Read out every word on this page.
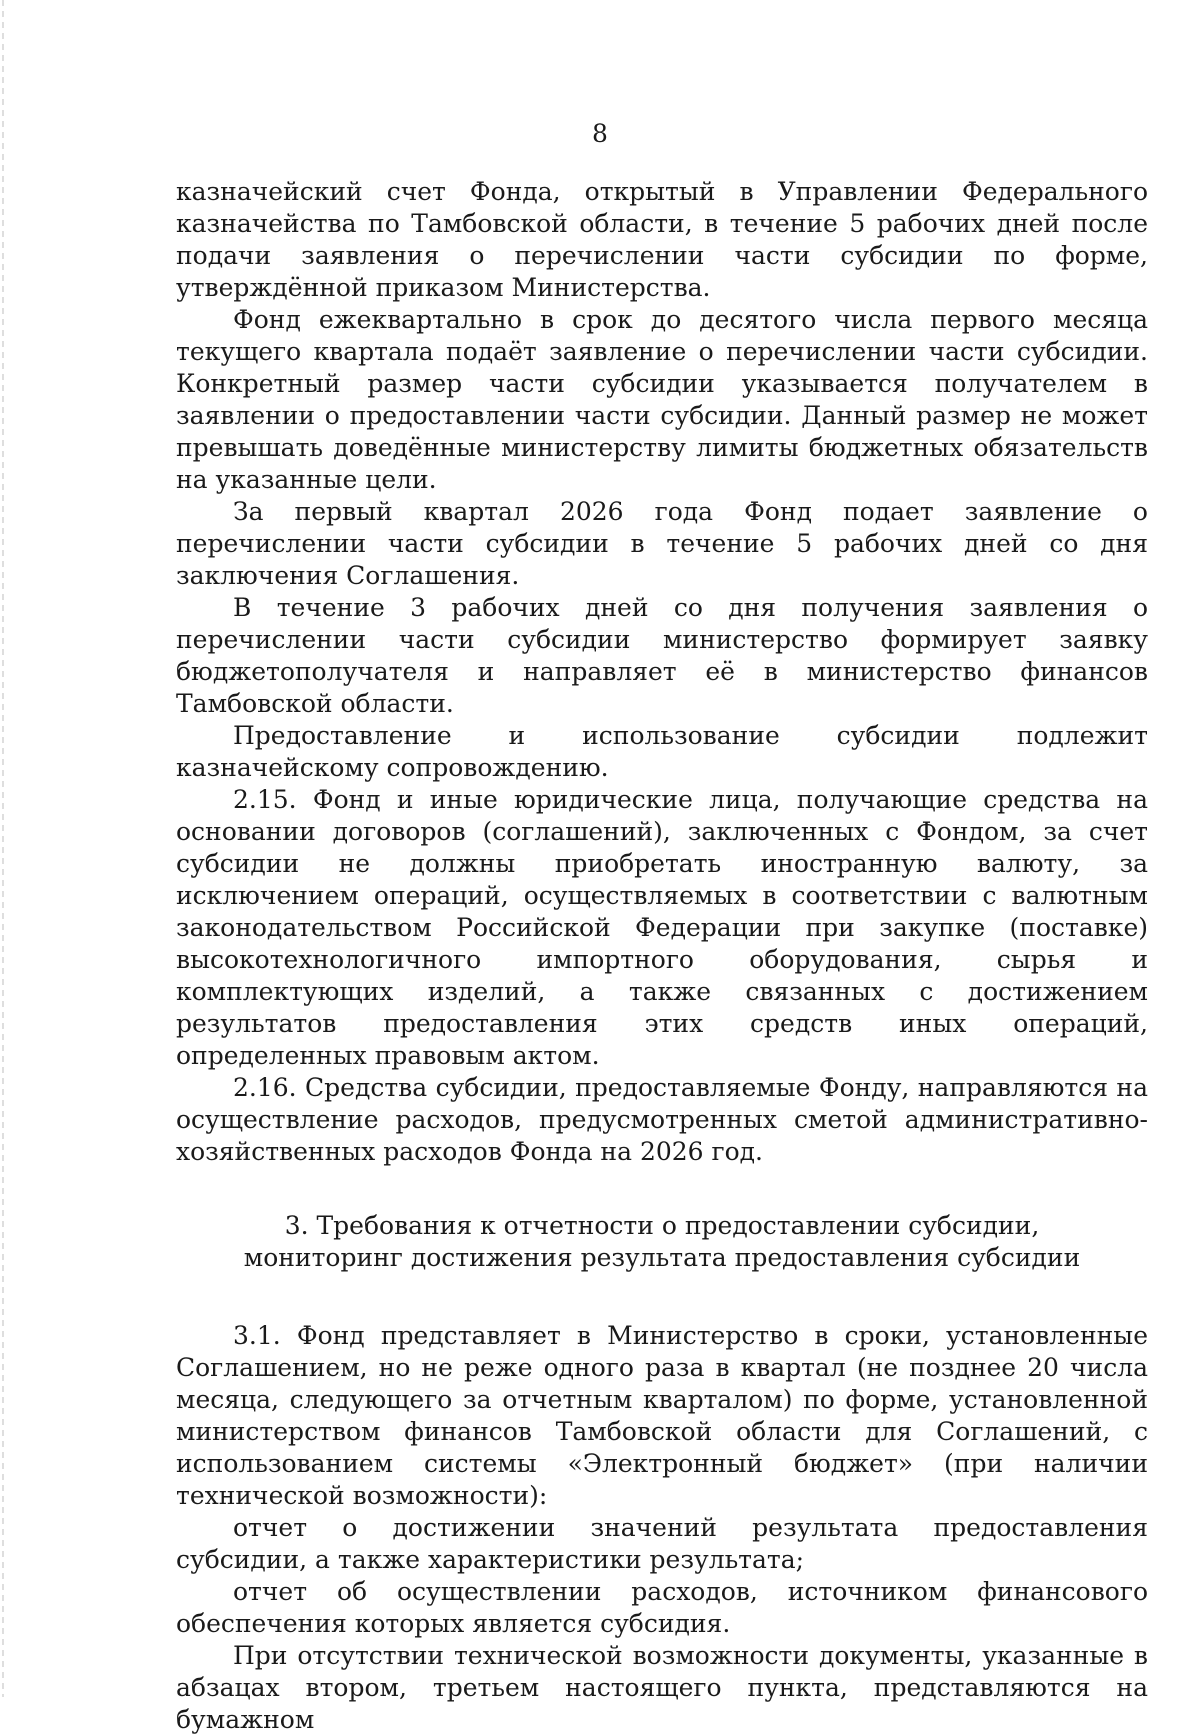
8

казначейский счет Фонда, открытый в Управлении Федерального казначейства по Тамбовской области, в течение 5 рабочих дней после подачи заявления о перечислении части субсидии по форме, утверждённой приказом Министерства.

Фонд ежеквартально в срок до десятого числа первого месяца текущего квартала подаёт заявление о перечислении части субсидии. Конкретный размер части субсидии указывается получателем в заявлении о предоставлении части субсидии. Данный размер не может превышать доведённые министерству лимиты бюджетных обязательств на указанные цели.

За первый квартал 2026 года Фонд подает заявление о перечислении части субсидии в течение 5 рабочих дней со дня заключения Соглашения.

В течение 3 рабочих дней со дня получения заявления о перечислении части субсидии министерство формирует заявку бюджетополучателя и направляет её в министерство финансов Тамбовской области.

Предоставление и использование субсидии подлежит казначейскому сопровождению.

2.15. Фонд и иные юридические лица, получающие средства на основании договоров (соглашений), заключенных с Фондом, за счет субсидии не должны приобретать иностранную валюту, за исключением операций, осуществляемых в соответствии с валютным законодательством Российской Федерации при закупке (поставке) высокотехнологичного импортного оборудования, сырья и комплектующих изделий, а также связанных с достижением результатов предоставления этих средств иных операций, определенных правовым актом.

2.16. Средства субсидии, предоставляемые Фонду, направляются на осуществление расходов, предусмотренных сметой административно-хозяйственных расходов Фонда на 2026 год.

3. Требования к отчетности о предоставлении субсидии,
мониторинг достижения результата предоставления субсидии

3.1. Фонд представляет в Министерство в сроки, установленные Соглашением, но не реже одного раза в квартал (не позднее 20 числа месяца, следующего за отчетным кварталом) по форме, установленной министерством финансов Тамбовской области для Соглашений, с использованием системы «Электронный бюджет» (при наличии технической возможности):

отчет о достижении значений результата предоставления субсидии, а также характеристики результата;

отчет об осуществлении расходов, источником финансового обеспечения которых является субсидия.

При отсутствии технической возможности документы, указанные в абзацах втором, третьем настоящего пункта, представляются на бумажном
